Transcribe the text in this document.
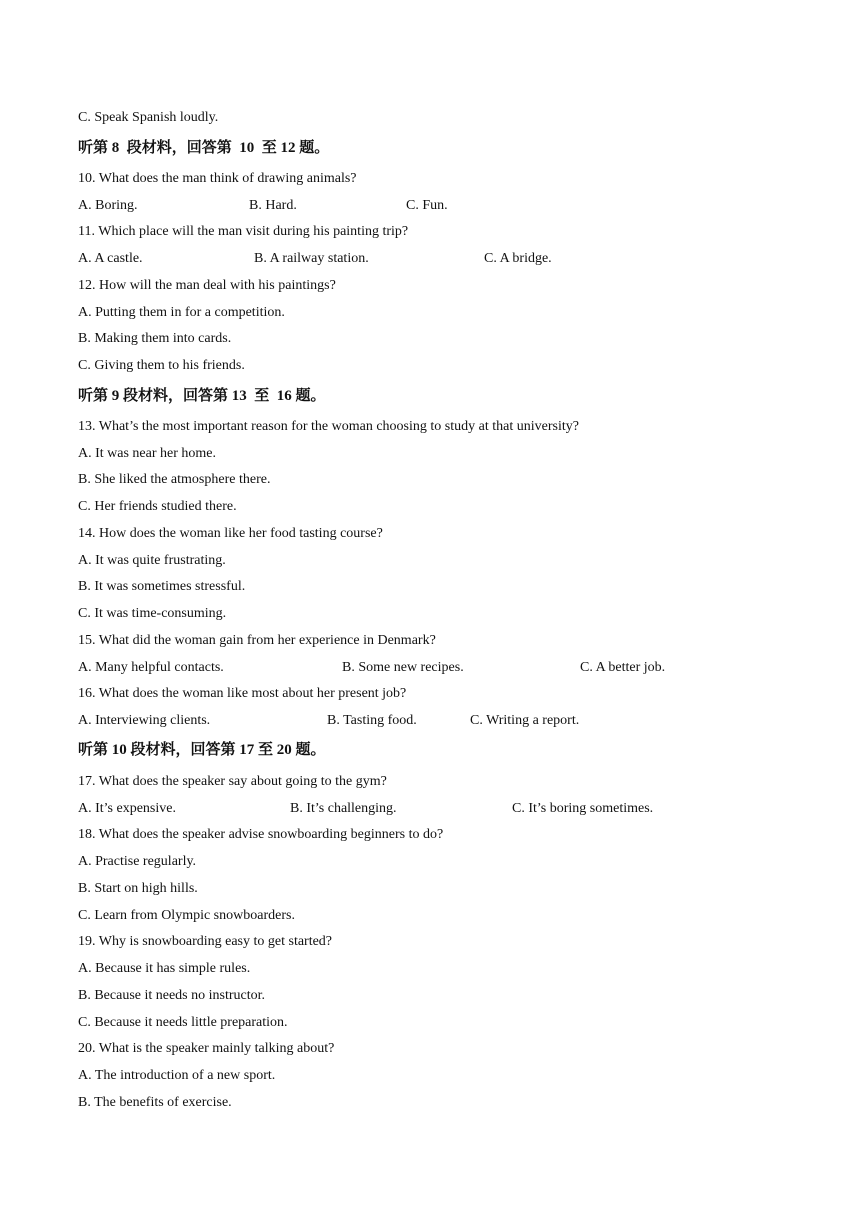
C. Speak Spanish loudly.
听第 8  段材料，回答第  10  至 12 题。
10. What does the man think of drawing animals?
A. Boring.	B. Hard.	C. Fun.
11. Which place will the man visit during his painting trip?
A. A castle.	B. A railway station.	C. A bridge.
12. How will the man deal with his paintings?
A. Putting them in for a competition.
B. Making them into cards.
C. Giving them to his friends.
听第 9 段材料，回答第 13  至  16 题。
13. What’s the most important reason for the woman choosing to study at that university?
A. It was near her home.
B. She liked the atmosphere there.
C. Her friends studied there.
14. How does the woman like her food tasting course?
A. It was quite frustrating.
B. It was sometimes stressful.
C. It was time-consuming.
15. What did the woman gain from her experience in Denmark?
A. Many helpful contacts.	B. Some new recipes.	C. A better job.
16. What does the woman like most about her present job?
A. Interviewing clients.	B. Tasting food.	C. Writing a report.
听第 10 段材料，回答第 17 至 20 题。
17. What does the speaker say about going to the gym?
A. It’s expensive.	B. It’s challenging.	C. It’s boring sometimes.
18. What does the speaker advise snowboarding beginners to do?
A. Practise regularly.
B. Start on high hills.
C. Learn from Olympic snowboarders.
19. Why is snowboarding easy to get started?
A. Because it has simple rules.
B. Because it needs no instructor.
C. Because it needs little preparation.
20. What is the speaker mainly talking about?
A. The introduction of a new sport.
B. The benefits of exercise.
